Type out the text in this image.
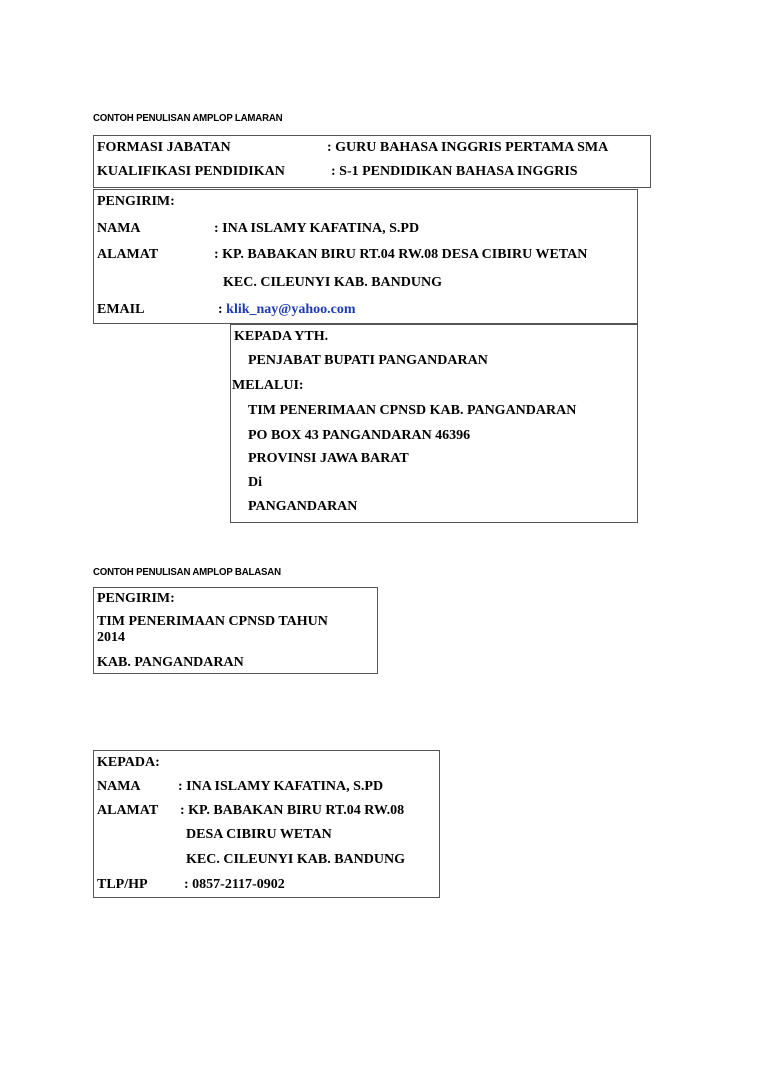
CONTOH PENULISAN AMPLOP LAMARAN
FORMASI JABATAN	: GURU BAHASA INGGRIS PERTAMA SMA
KUALIFIKASI PENDIDIKAN	: S-1 PENDIDIKAN BAHASA INGGRIS
PENGIRIM:
NAMA	: INA ISLAMY KAFATINA, S.PD
ALAMAT	: KP. BABAKAN BIRU RT.04 RW.08 DESA CIBIRU WETAN
KEC. CILEUNYI KAB. BANDUNG
EMAIL	: klik_nay@yahoo.com
KEPADA YTH.
PENJABAT BUPATI PANGANDARAN
MELALUI:
TIM PENERIMAAN CPNSD KAB. PANGANDARAN
PO BOX 43 PANGANDARAN 46396
PROVINSI JAWA BARAT
Di
PANGANDARAN
CONTOH PENULISAN AMPLOP BALASAN
PENGIRIM:
TIM PENERIMAAN CPNSD TAHUN
2014
KAB. PANGANDARAN
KEPADA:
NAMA	: INA ISLAMY KAFATINA, S.PD
ALAMAT : KP. BABAKAN BIRU RT.04 RW.08
DESA CIBIRU WETAN
KEC. CILEUNYI KAB. BANDUNG
TLP/HP	: 0857-2117-0902
